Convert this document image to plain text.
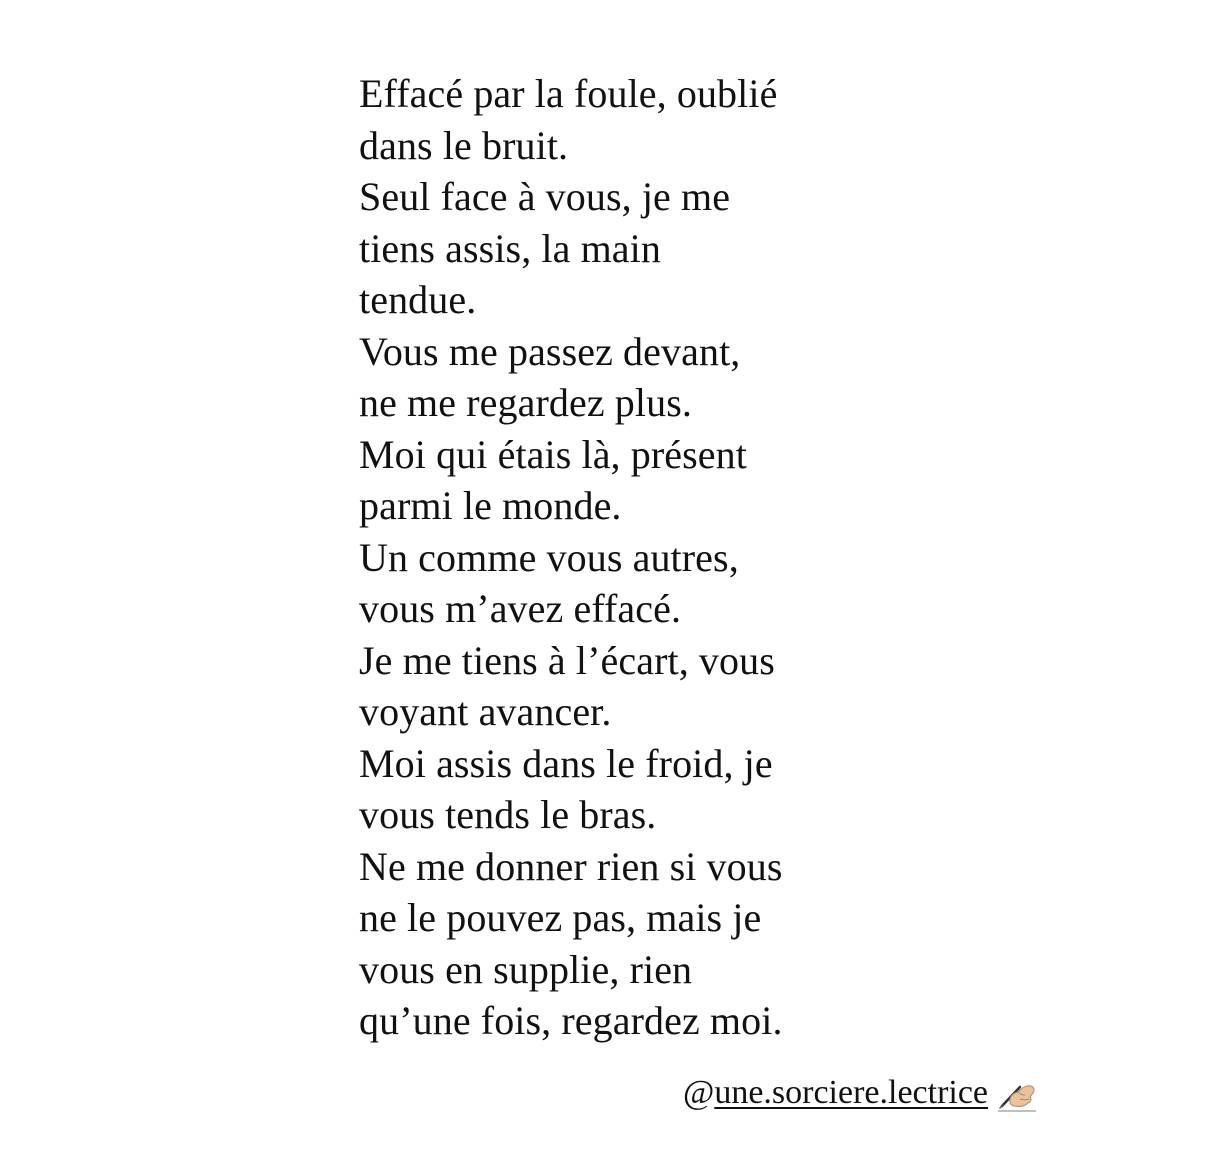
Effacé par la foule, oublié
dans le bruit.
Seul face à vous, je me
tiens assis, la main
tendue.
Vous me passez devant,
ne me regardez plus.
Moi qui étais là, présent
parmi le monde.
Un comme vous autres,
vous m’avez effacé.
Je me tiens à l’écart, vous
voyant avancer.
Moi assis dans le froid, je
vous tends le bras.
Ne me donner rien si vous
ne le pouvez pas, mais je
vous en supplie, rien
qu’une fois, regardez moi.
@ une.sorciere.lectrice
